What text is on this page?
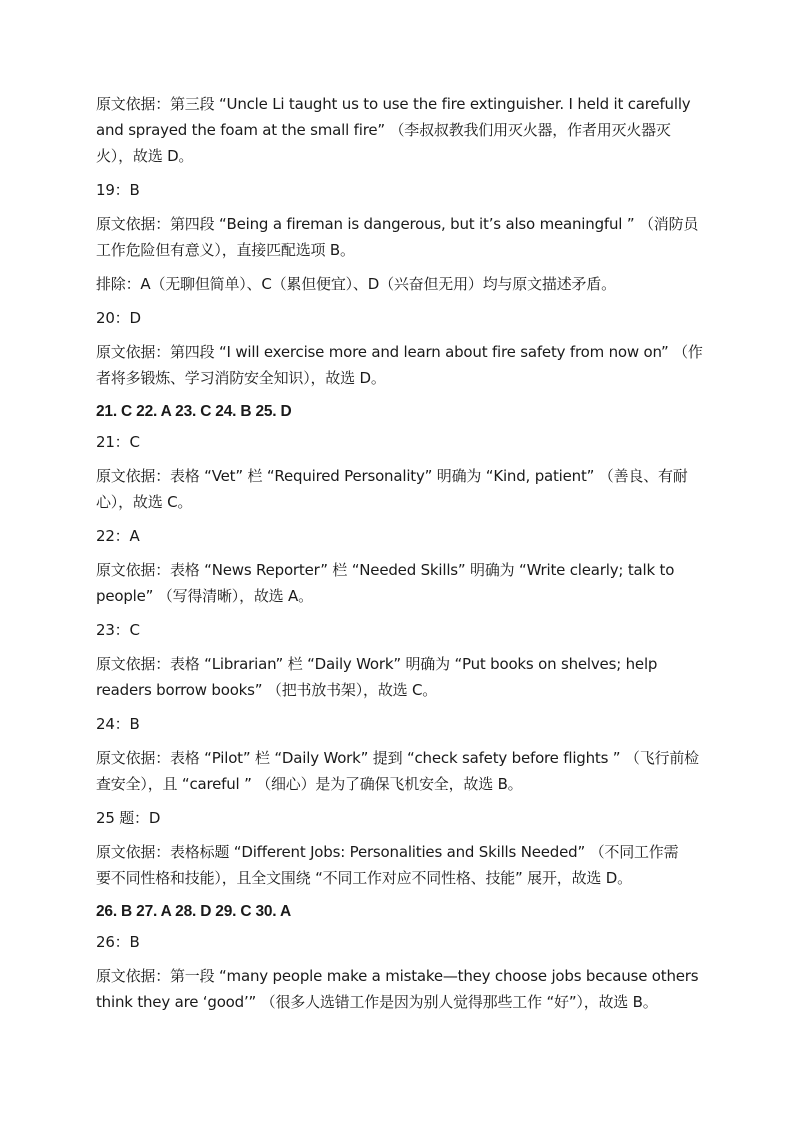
原文依据：第三段 “Uncle Li taught us to use the fire extinguisher. I held it carefully
and sprayed the foam at the small fire” （李叔叔教我们用灭火器，作者用灭火器灭
火），故选 D。
19：B
原文依据：第四段 “Being a fireman is dangerous, but it’s also meaningful ” （消防员
工作危险但有意义），直接匹配选项 B。
排除：A（无聊但简单）、C（累但便宜）、D（兴奋但无用）均与原文描述矛盾。
20：D
原文依据：第四段 “I will exercise more and learn about fire safety from now on” （作
者将多锻炼、学习消防安全知识），故选 D。
21. C 22. A 23. C 24. B 25. D
21：C
原文依据：表格 “Vet” 栏 “Required Personality” 明确为 “Kind, patient” （善良、有耐
心），故选 C。
22：A
原文依据：表格 “News Reporter” 栏 “Needed Skills” 明确为 “Write clearly; talk to
people” （写得清晰），故选 A。
23：C
原文依据：表格 “Librarian” 栏 “Daily Work” 明确为 “Put books on shelves; help
readers borrow books” （把书放书架），故选 C。
24：B
原文依据：表格 “Pilot” 栏 “Daily Work” 提到 “check safety before flights ” （飞行前检
查安全），且 “careful ” （细心）是为了确保飞机安全，故选 B。
25 题：D
原文依据：表格标题 “Different Jobs: Personalities and Skills Needed” （不同工作需
要不同性格和技能），且全文围绕 “不同工作对应不同性格、技能” 展开，故选 D。
26. B 27. A 28. D 29. C 30. A
26：B
原文依据：第一段 “many people make a mistake—they choose jobs because others
think they are ‘good’” （很多人选错工作是因为别人觉得那些工作 “好”），故选 B。
